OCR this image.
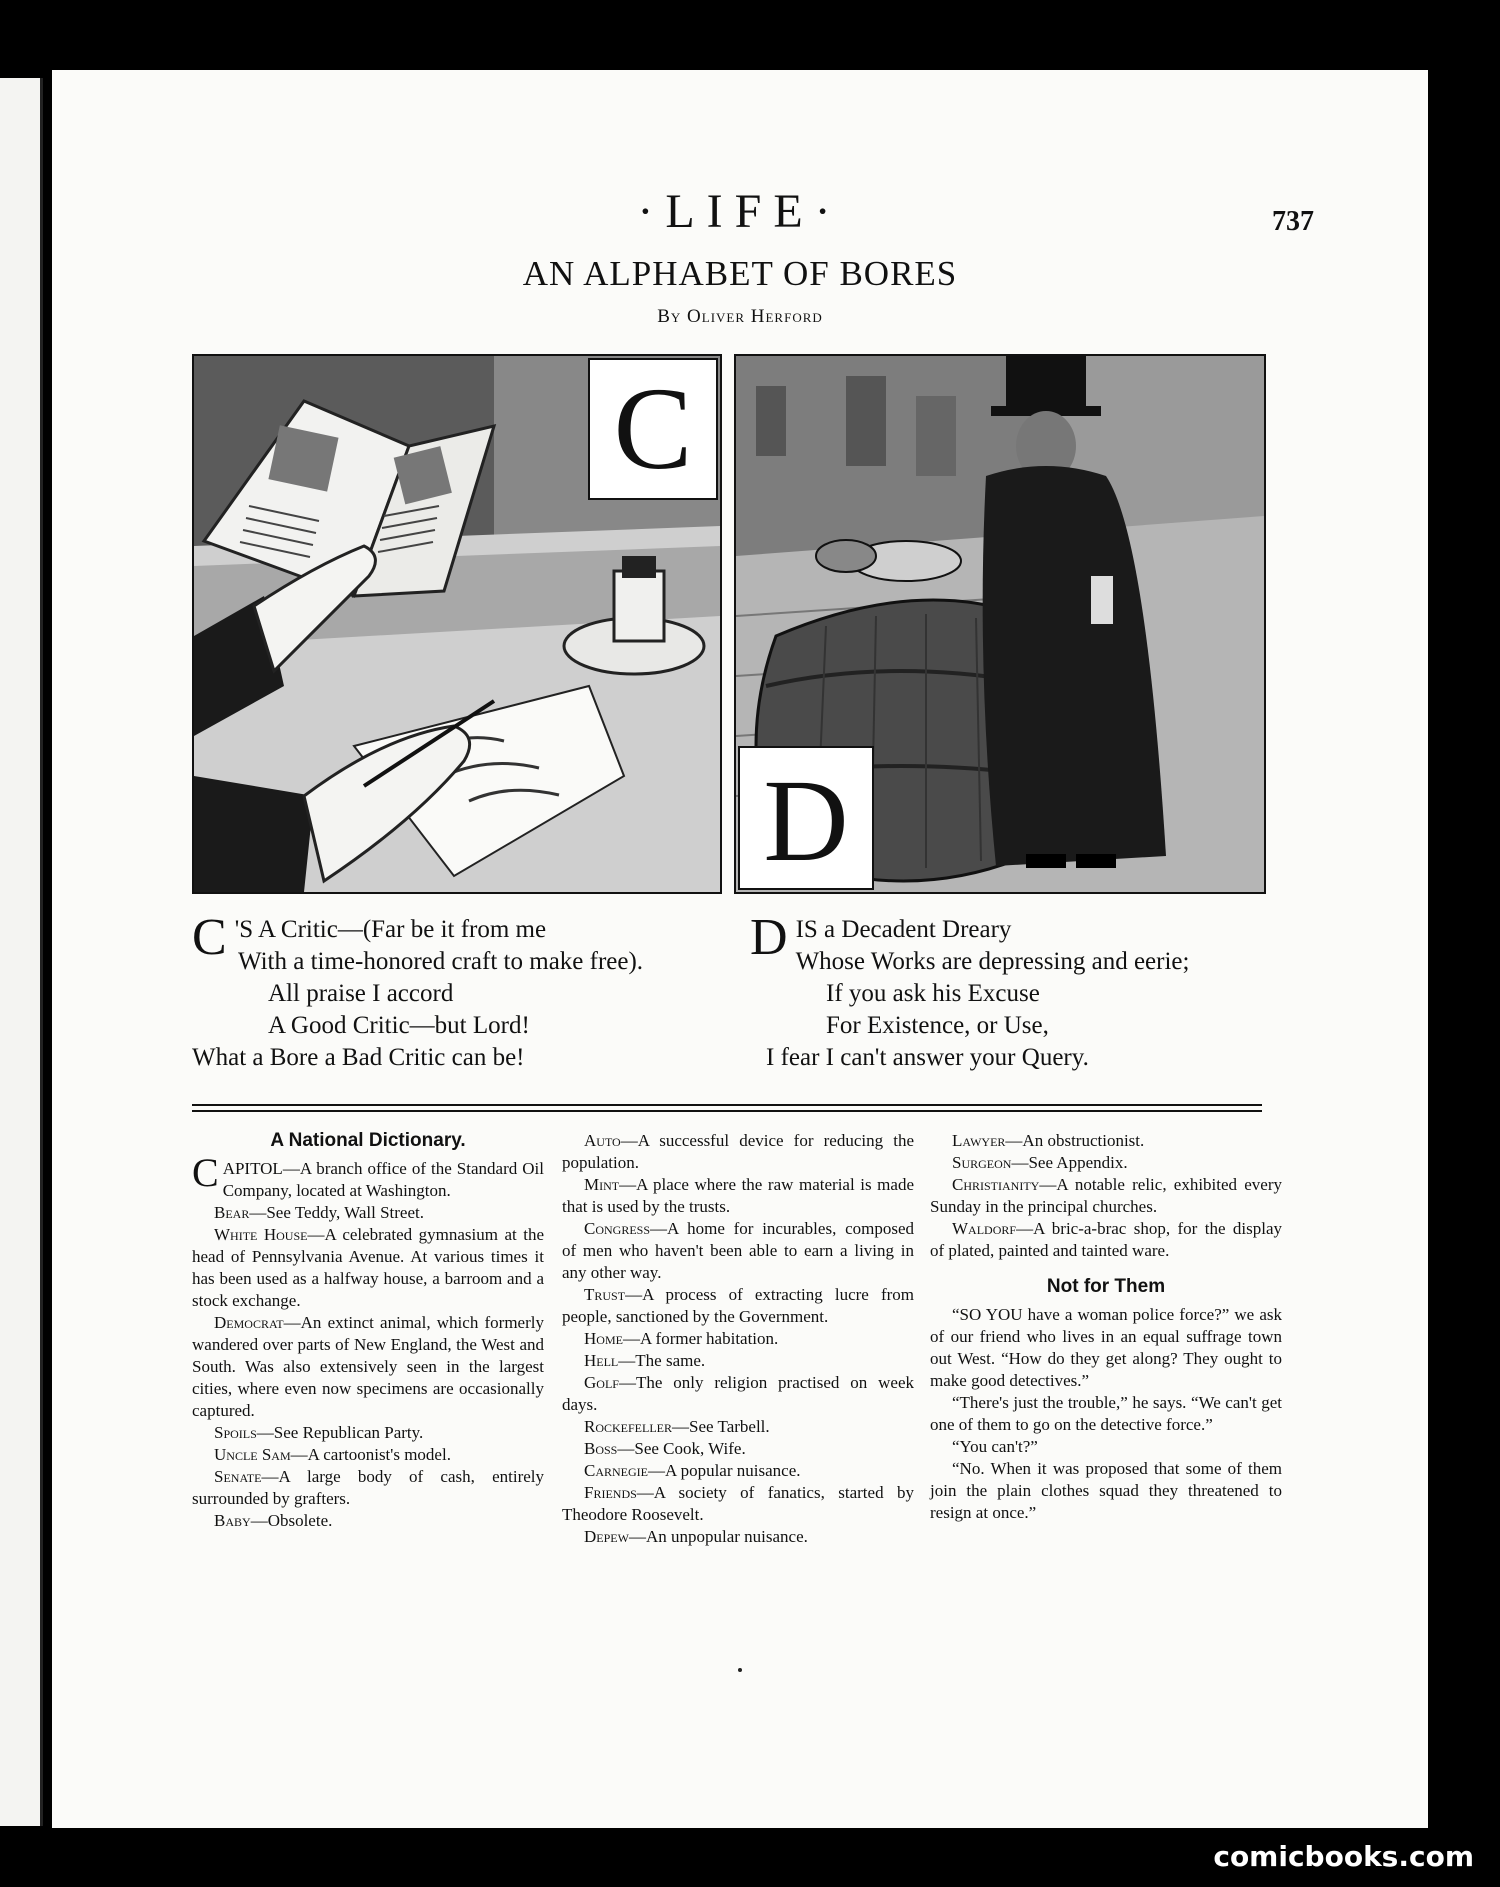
·LIFE·	737
AN ALPHABET OF BORES
By Oliver Herford
C
D
C 'S A Critic—(Far be it from me
With a time-honored craft to make free).
All praise I accord
A Good Critic—but Lord!
What a Bore a Bad Critic can be!
D IS a Decadent Dreary
Whose Works are depressing and eerie;
If you ask his Excuse
For Existence, or Use,
I fear I can't answer your Query.
A National Dictionary.

CAPITOL—A branch office of the Standard Oil Company, located at Washington.

Bear—See Teddy, Wall Street.

White House—A celebrated gymnasium at the head of Pennsylvania Avenue. At various times it has been used as a halfway house, a barroom and a stock exchange.

Democrat—An extinct animal, which formerly wandered over parts of New England, the West and South. Was also extensively seen in the largest cities, where even now specimens are occasionally captured.

Spoils—See Republican Party.

Uncle Sam—A cartoonist's model.

Senate—A large body of cash, entirely surrounded by grafters.

Baby—Obsolete.

Auto—A successful device for reducing the population.

Mint—A place where the raw material is made that is used by the trusts.

Congress—A home for incurables, composed of men who haven't been able to earn a living in any other way.

Trust—A process of extracting lucre from people, sanctioned by the Government.

Home—A former habitation.

Hell—The same.

Golf—The only religion practised on week days.

Rockefeller—See Tarbell.

Boss—See Cook, Wife.

Carnegie—A popular nuisance.

Friends—A society of fanatics, started by Theodore Roosevelt.

Depew—An unpopular nuisance.

Lawyer—An obstructionist.

Surgeon—See Appendix.

Christianity—A notable relic, exhibited every Sunday in the principal churches.

Waldorf—A bric-a-brac shop, for the display of plated, painted and tainted ware.

Not for Them

“SO YOU have a woman police force?” we ask of our friend who lives in an equal suffrage town out West. “How do they get along? They ought to make good detectives.”

“There's just the trouble,” he says. “We can't get one of them to go on the detective force.”

“You can't?”

“No. When it was proposed that some of them join the plain clothes squad they threatened to resign at once.”

comicbooks.com
